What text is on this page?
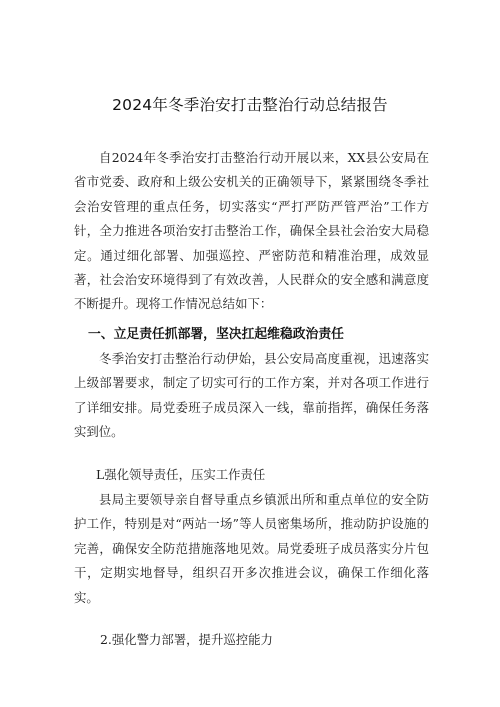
2024年冬季治安打击整治行动总结报告

自2024年冬季治安打击整治行动开展以来，XX县公安局在省市党委、政府和上级公安机关的正确领导下，紧紧围绕冬季社会治安管理的重点任务，切实落实“严打严防严管严治”工作方针，全力推进各项治安打击整治工作，确保全县社会治安大局稳定。通过细化部署、加强巡控、严密防范和精准治理，成效显著，社会治安环境得到了有效改善，人民群众的安全感和满意度不断提升。现将工作情况总结如下：

一、立足责任抓部署，坚决扛起维稳政治责任

冬季治安打击整治行动伊始，县公安局高度重视，迅速落实上级部署要求，制定了切实可行的工作方案，并对各项工作进行了详细安排。局党委班子成员深入一线，靠前指挥，确保任务落实到位。

L强化领导责任，压实工作责任

县局主要领导亲自督导重点乡镇派出所和重点单位的安全防护工作，特别是对“两站一场”等人员密集场所，推动防护设施的完善，确保安全防范措施落地见效。局党委班子成员落实分片包干，定期实地督导，组织召开多次推进会议，确保工作细化落实。

2.强化警力部署，提升巡控能力
